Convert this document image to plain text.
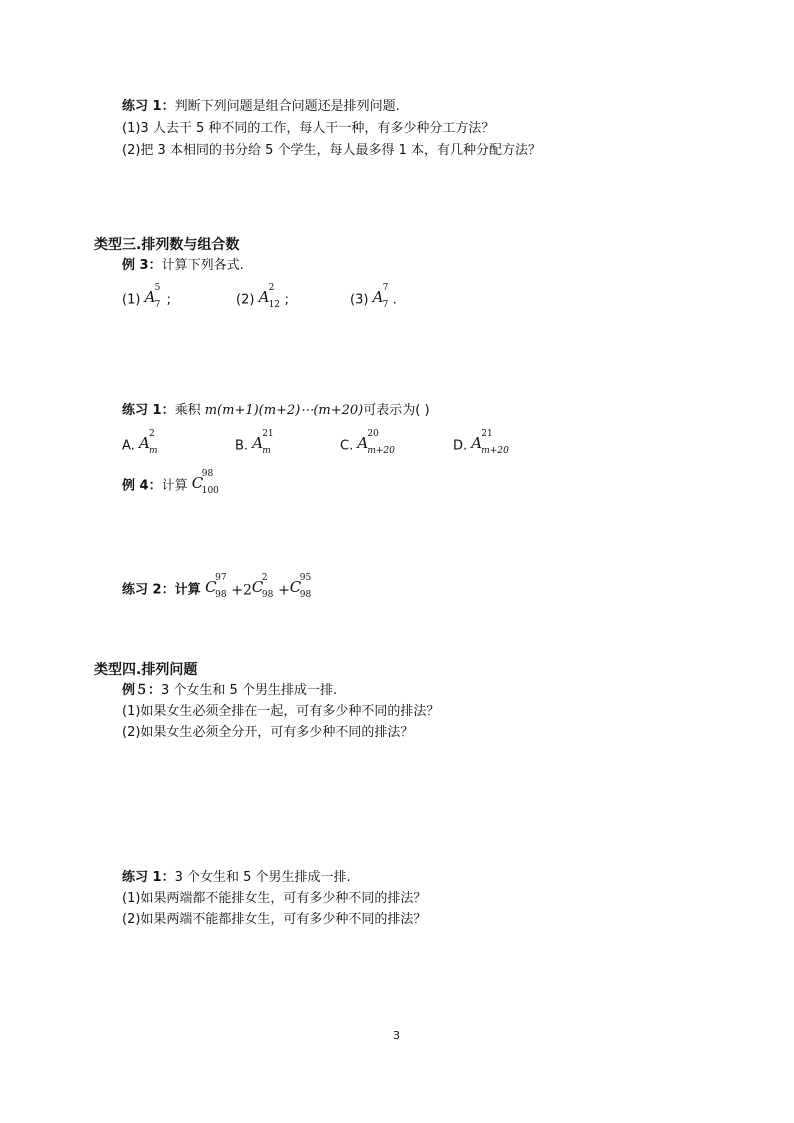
练习 1：判断下列问题是组合问题还是排列问题.
(1)3 人去干 5 种不同的工作，每人干一种，有多少种分工方法？
(2)把 3 本相同的书分给 5 个学生，每人最多得 1 本，有几种分配方法？
类型三.排列数与组合数
例 3：计算下列各式.
(1) A 5
7 ;	(2) A 2
12 ;	(3) A 7
7 .
练习 1：乘积 m(m+1)(m+2)⋯(m+20)可表示为( )
A. A 2
m	B. A 21
m	C. A 20
m+20	D. A 21
m+20
例 4：计算 C
98
100
练习 2：计算 C
97
98 +2C
2
98 +C
95
98
类型四.排列问题
例５：3 个女生和 5 个男生排成一排.
(1)如果女生必须全排在一起，可有多少种不同的排法？
(2)如果女生必须全分开，可有多少种不同的排法？
练习 1：3 个女生和 5 个男生排成一排.
(1)如果两端都不能排女生，可有多少种不同的排法？
(2)如果两端不能都排女生，可有多少种不同的排法？
3
